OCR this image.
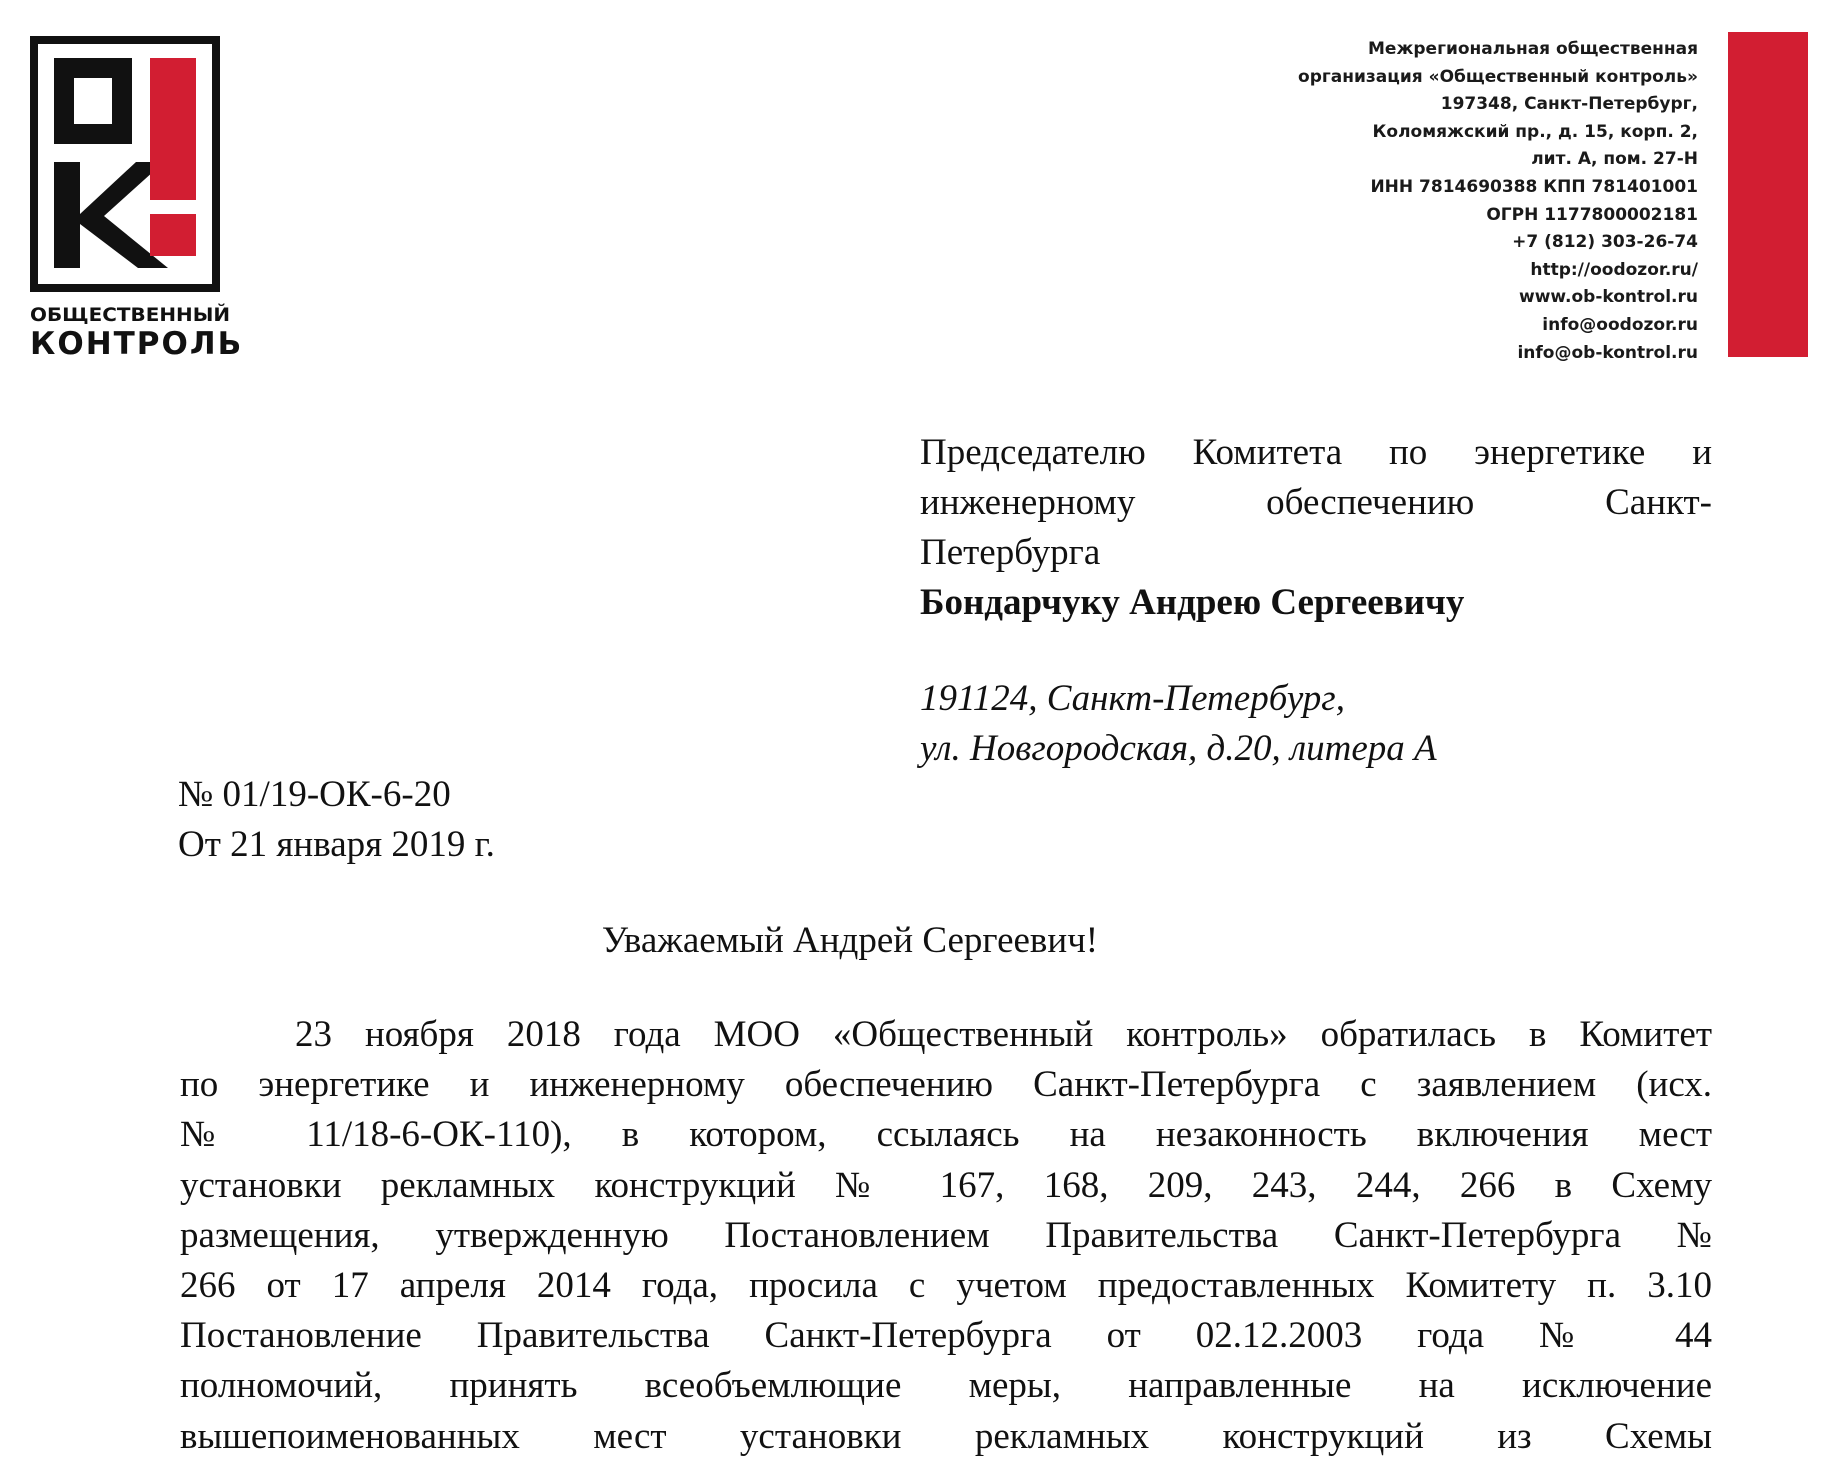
ОБЩЕСТВЕННЫЙ
КОНТРОЛЬ
Межрегиональная общественная
организация «Общественный контроль»
197348, Санкт-Петербург,
Коломяжский пр., д. 15, корп. 2,
лит. А, пом. 27-Н
ИНН 7814690388 КПП 781401001
ОГРН 1177800002181
+7 (812) 303-26-74
http://oodozor.ru/
www.ob-kontrol.ru
info@oodozor.ru
info@ob-kontrol.ru
Председателю Комитета по энергетике и
инженерному обеспечению Санкт-
Петербурга
Бондарчуку Андрею Сергеевичу
191124, Санкт-Петербург,
ул. Новгородская, д.20, литера А
№ 01/19-ОК-6-20
От 21 января 2019 г.
Уважаемый Андрей Сергеевич!
23 ноября 2018 года МОО «Общественный контроль» обратилась в Комитет
по энергетике и инженерному обеспечению Санкт-Петербурга с заявлением (исх.
№ 11/18-6-ОК-110), в котором, ссылаясь на незаконность включения мест
установки рекламных конструкций № 167, 168, 209, 243, 244, 266 в Схему
размещения, утвержденную Постановлением Правительства Санкт-Петербурга №
266 от 17 апреля 2014 года, просила с учетом предоставленных Комитету п. 3.10
Постановление Правительства Санкт-Петербурга от 02.12.2003 года № 44
полномочий, принять всеобъемлющие меры, направленные на исключение
вышепоименованных мест установки рекламных конструкций из Схемы
